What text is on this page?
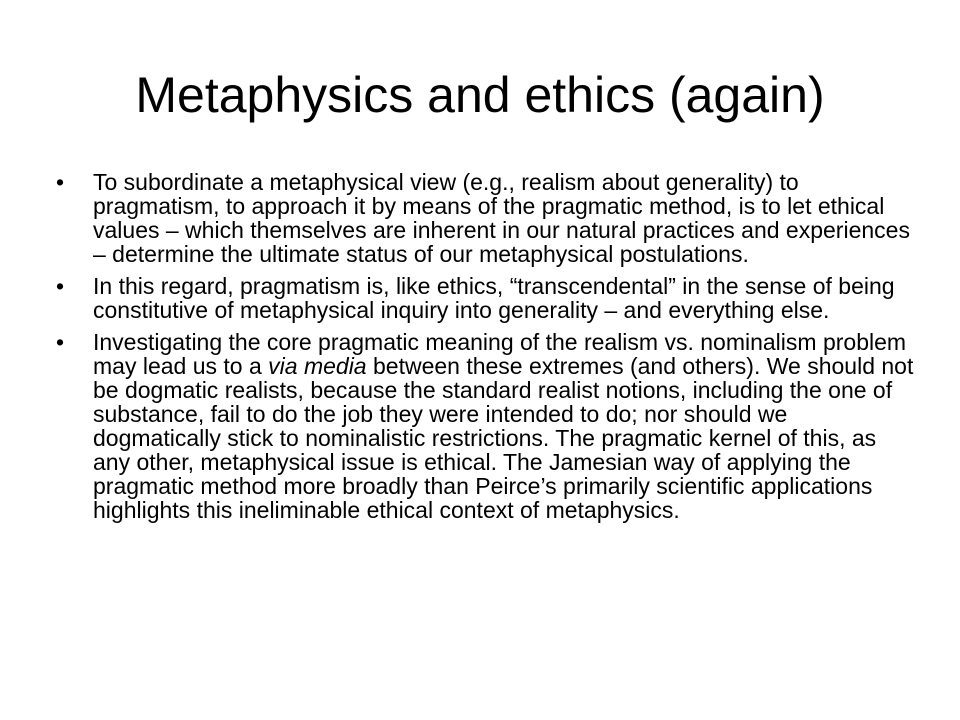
Metaphysics and ethics (again)
•	To subordinate a metaphysical view (e.g., realism about generality) to pragmatism, to approach it by means of the pragmatic method, is to let ethical values – which themselves are inherent in our natural practices and experiences – determine the ultimate status of our metaphysical postulations.
•	In this regard, pragmatism is, like ethics, “transcendental” in the sense of being constitutive of metaphysical inquiry into generality – and everything else.
•	Investigating the core pragmatic meaning of the realism vs. nominalism problem may lead us to a via media between these extremes (and others). We should not be dogmatic realists, because the standard realist notions, including the one of substance, fail to do the job they were intended to do; nor should we dogmatically stick to nominalistic restrictions. The pragmatic kernel of this, as any other, metaphysical issue is ethical. The Jamesian way of applying the pragmatic method more broadly than Peirce’s primarily scientific applications highlights this ineliminable ethical context of metaphysics.
